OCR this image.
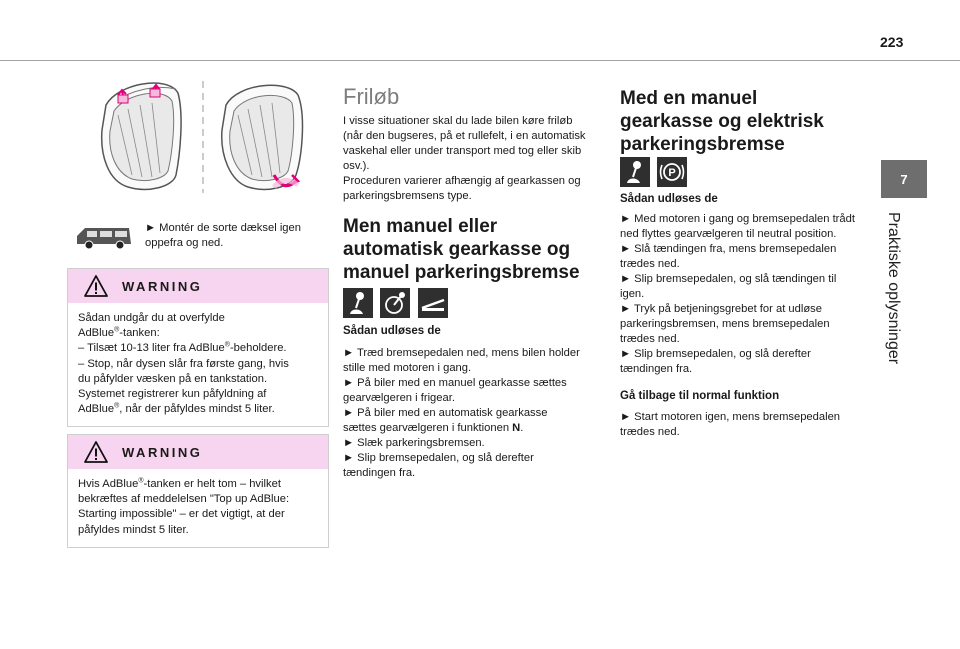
223
7
Praktiske oplysninger
► Montér de sorte dæksel igen
oppefra og ned.
WARNING
Sådan undgår du at overfylde
AdBlue®-tanken:
– Tilsæt 10-13 liter fra AdBlue®-beholdere.
– Stop, når dysen slår fra første gang, hvis
du påfylder væsken på en tankstation.
Systemet registrerer kun påfyldning af
AdBlue®, når der påfyldes mindst 5 liter.
WARNING
Hvis AdBlue®-tanken er helt tom – hvilket
bekræftes af meddelelsen "Top up AdBlue:
Starting impossible" – er det vigtigt, at der
påfyldes mindst 5 liter.
Friløb
I visse situationer skal du lade bilen køre friløb
(når den bugseres, på et rullefelt, i en automatisk
vaskehal eller under transport med tog eller skib
osv.).
Proceduren varierer afhængig af gearkassen og
parkeringsbremsens type.
Men manuel eller
automatisk gearkasse og
manuel parkeringsbremse

Sådan udløses de

► Træd bremsepedalen ned, mens bilen holder
stille med motoren i gang.
► På biler med en manuel gearkasse sættes
gearvælgeren i frigear.
► På biler med en automatisk gearkasse
sættes gearvælgeren i funktionen N.
► Slæk parkeringsbremsen.
► Slip bremsepedalen, og slå derefter
tændingen fra.
Med en manuel
gearkasse og elektrisk
parkeringsbremse

P

Sådan udløses de

► Med motoren i gang og bremsepedalen trådt
ned flyttes gearvælgeren til neutral position.
► Slå tændingen fra, mens bremsepedalen
trædes ned.
► Slip bremsepedalen, og slå tændingen til
igen.
► Tryk på betjeningsgrebet for at udløse
parkeringsbremsen, mens bremsepedalen
trædes ned.
► Slip bremsepedalen, og slå derefter
tændingen fra.

Gå tilbage til normal funktion

► Start motoren igen, mens bremsepedalen
trædes ned.
